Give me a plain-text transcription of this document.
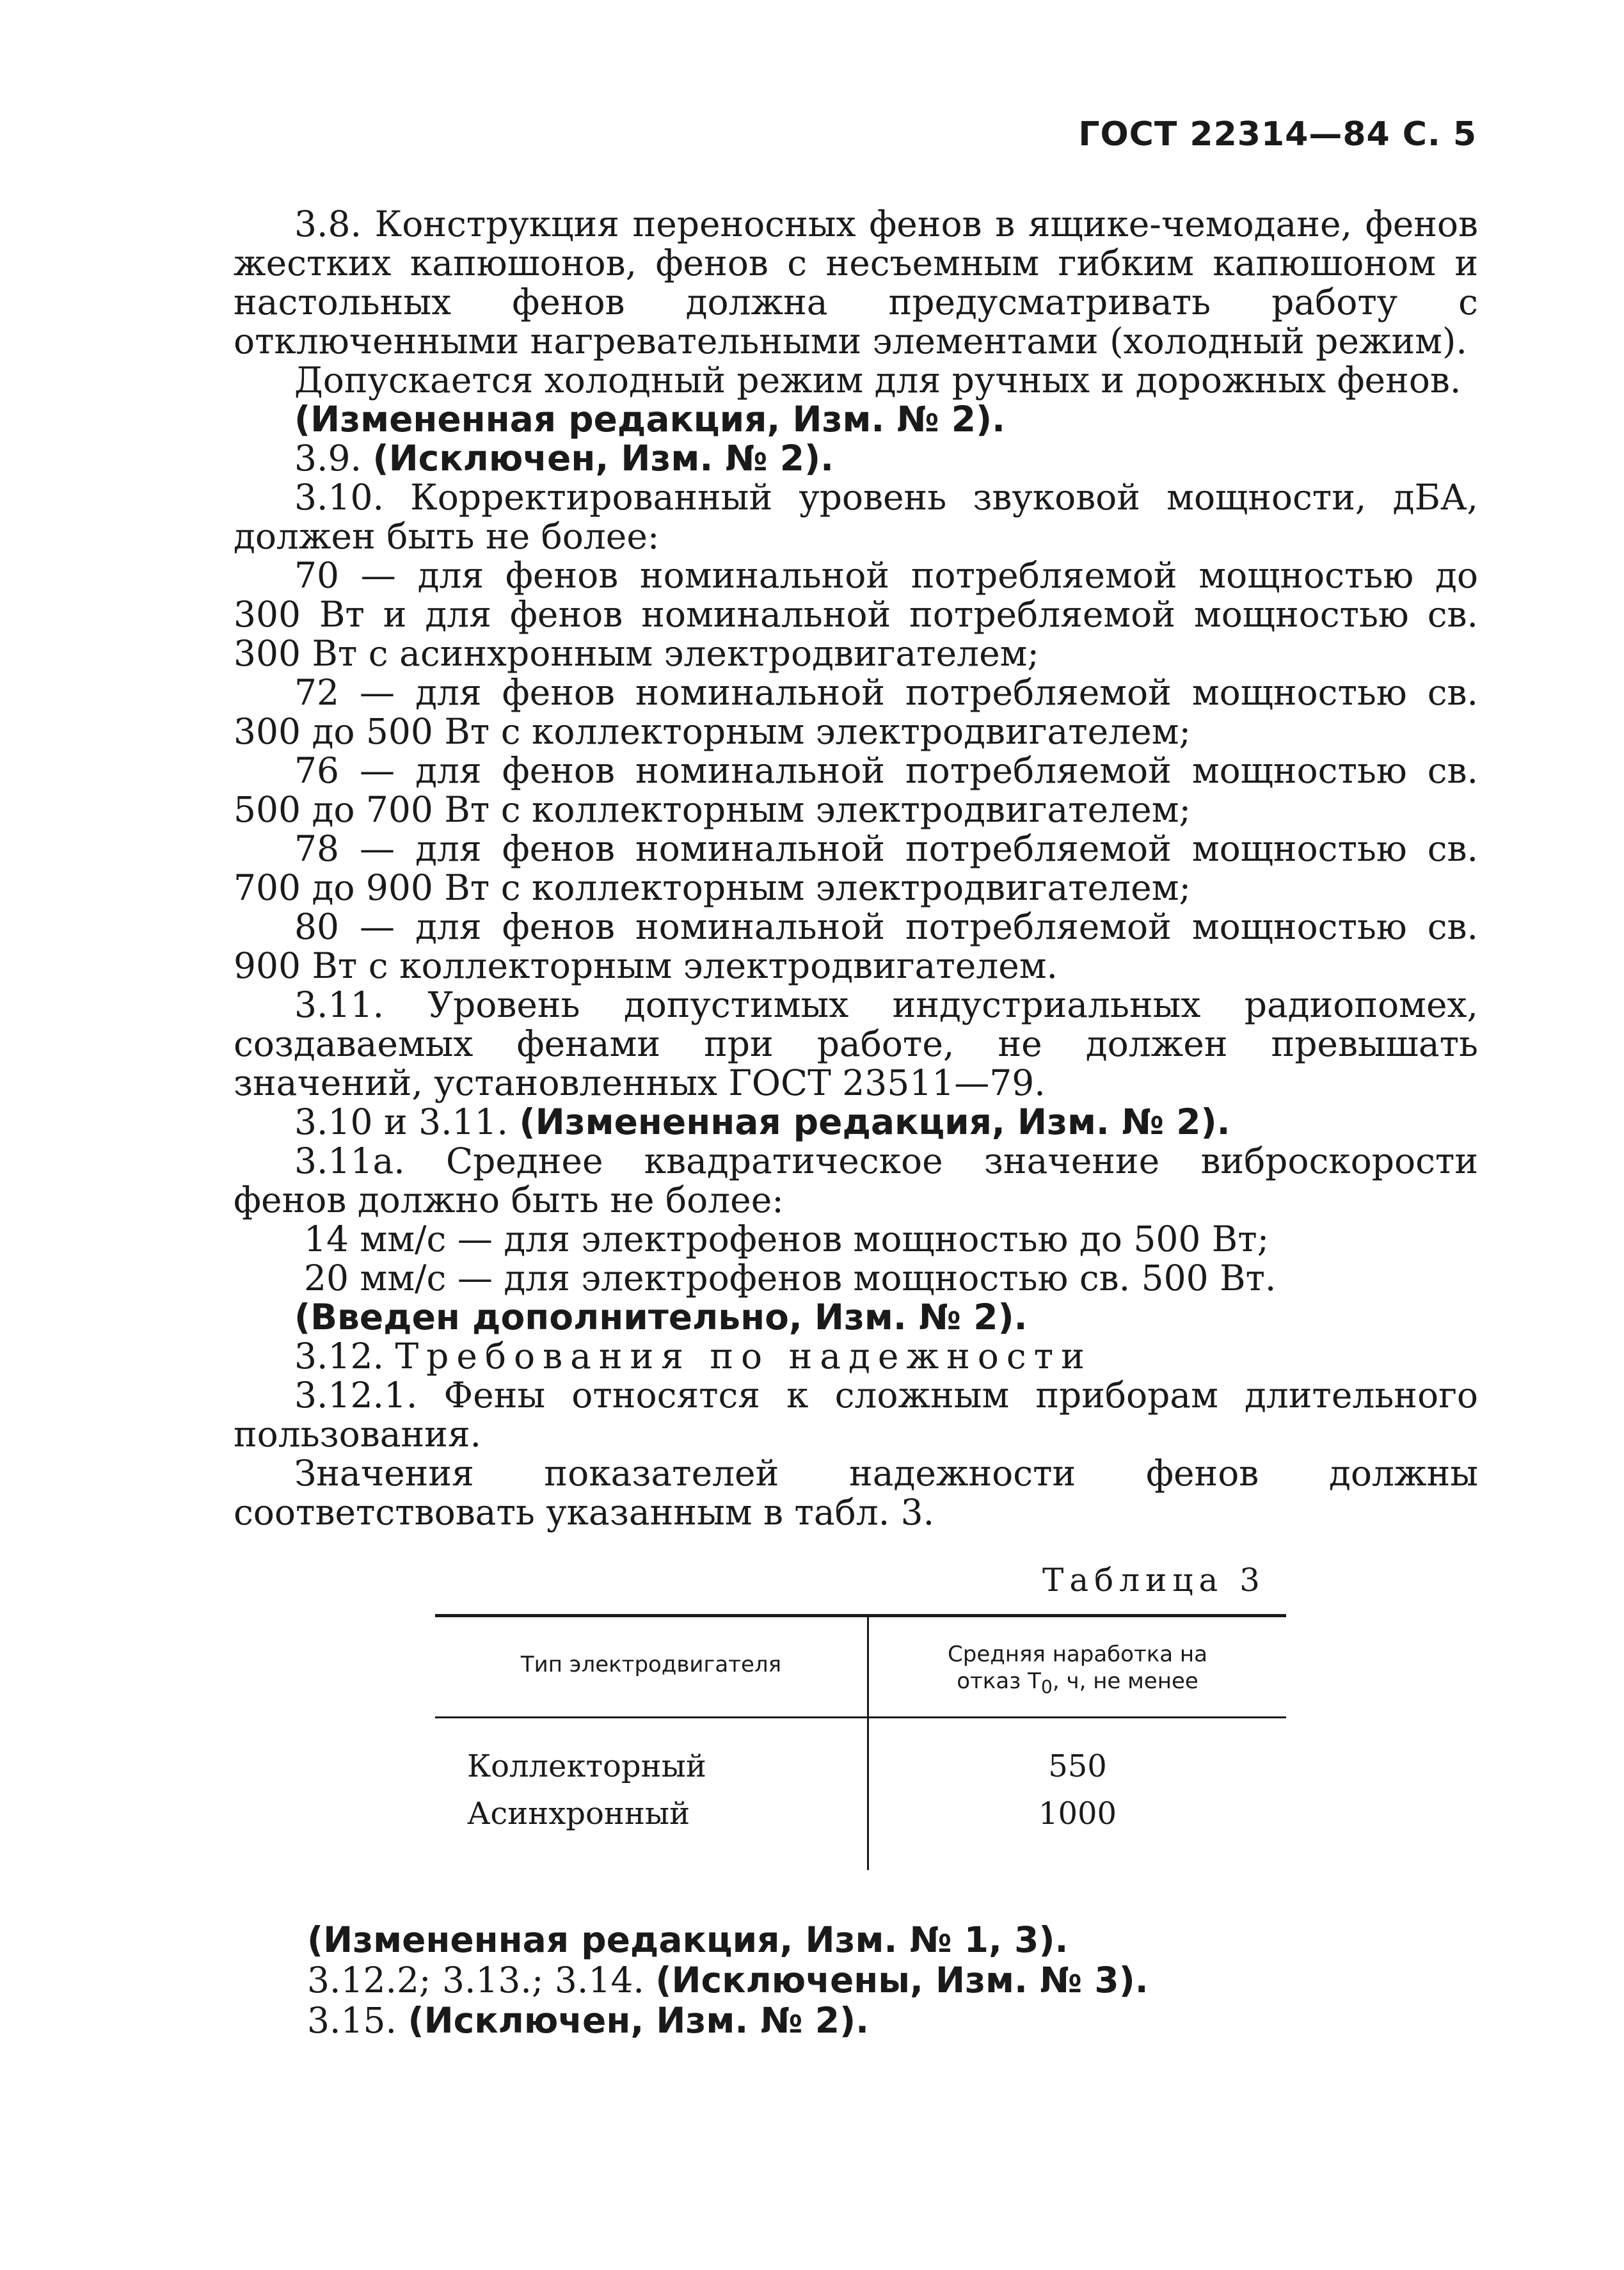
ГОСТ 22314—84 С. 5

3.8. Конструкция переносных фенов в ящике-чемодане, фенов жестких капюшонов, фенов с несъемным гибким капюшоном и настольных фенов должна предусматривать работу с отключенными нагревательными элементами (холодный режим).

Допускается холодный режим для ручных и дорожных фенов.

(Измененная редакция, Изм. № 2).

3.9. (Исключен, Изм. № 2).

3.10. Корректированный уровень звуковой мощности, дБА, должен быть не более:

70 — для фенов номинальной потребляемой мощностью до 300 Вт и для фенов номинальной потребляемой мощностью св. 300 Вт с асинхронным электродвигателем;

72 — для фенов номинальной потребляемой мощностью св. 300 до 500 Вт с коллекторным электродвигателем;

76 — для фенов номинальной потребляемой мощностью св. 500 до 700 Вт с коллекторным электродвигателем;

78 — для фенов номинальной потребляемой мощностью св. 700 до 900 Вт с коллекторным электродвигателем;

80 — для фенов номинальной потребляемой мощностью св. 900 Вт с коллекторным электродвигателем.

3.11. Уровень допустимых индустриальных радиопомех, создаваемых фенами при работе, не должен превышать значений, установленных ГОСТ 23511—79.

3.10 и 3.11. (Измененная редакция, Изм. № 2).

3.11а. Среднее квадратическое значение виброскорости фенов должно быть не более:

14 мм/с — для электрофенов мощностью до 500 Вт;

20 мм/с — для электрофенов мощностью св. 500 Вт.

(Введен дополнительно, Изм. № 2).

3.12. Требования по надежности

3.12.1. Фены относятся к сложным приборам длительного пользования.

Значения показателей надежности фенов должны соответствовать указанным в табл. 3.

Таблица 3
Тип электродвигателя	Средняя наработка на
отказ $T_0$, ч, не менее
Коллекторный	550
Асинхронный	1000

(Измененная редакция, Изм. № 1, 3).

3.12.2; 3.13.; 3.14. (Исключены, Изм. № 3).

3.15. (Исключен, Изм. № 2).
